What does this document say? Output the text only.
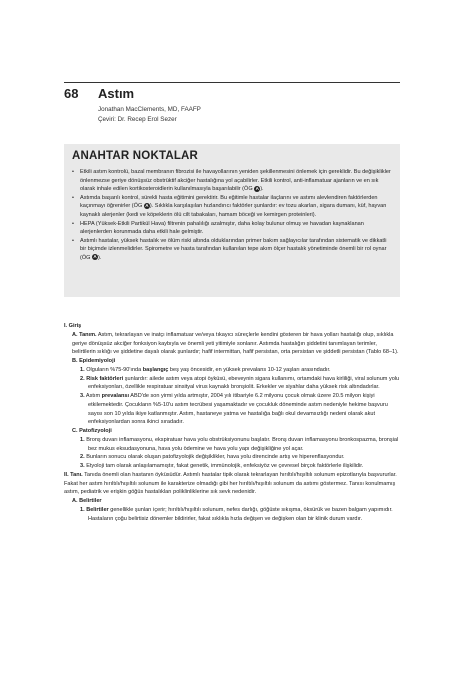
68 Astım
Jonathan MacClements, MD, FAAFP
Çeviri: Dr. Recep Erol Sezer
ANAHTAR NOKTALAR
• Etkili astım kontrolü, bazal membranın fibrozisi ile havayollarının yeniden şekillenmesini önlemek için gereklidir. Bu değişiklikler önlenmezse geriye dönüşsüz obstrüktif akciğer hastalığına yol açabilirler. Etkili kontrol, anti-inflamatuar ajanların ve en sık olarak inhale edilen kortikosteroidlerin kullanılmasıyla başarılabilir (ÖG A).
• Astımda başarılı kontrol, sürekli hasta eğitimini gerektirir. Bu eğitimle hastalar ilaçlarını ve astımı alevlendiren faktörlerden kaçınmayı öğrenirler (ÖG A). Sıklıkla karşılaşılan hızlandırıcı faktörler şunlardır: ev tozu akarları, sigara dumanı, küf, hayvan kaynaklı alerjenler (kedi ve köpeklerin ölü cilt tabakaları, hamam böceği ve kemirgen proteinleri).
• HEPA (Yüksek-Etkili Partikül Hava) filtrenin pahalılığı azalmıştır, daha kolay bulunur olmuş ve havadan kaynaklanan alerjenlerden korunmada daha etkili hale gelmiştir.
• Astımlı hastalar, yüksek hastalık ve ölüm riski altında olduklarından primer bakım sağlayıcılar tarafından sistematik ve dikkatli bir biçimde izlenmelidirler. Spirometre ve hasta tarafından kullanılan tepe akım ölçer hastalık yönetiminde önemli bir rol oynar (ÖG A).

I. Giriş

A. Tanım. Astım, tekrarlayan ve inatçı inflamatuar ve/veya tıkayıcı süreçlerle kendini gösteren bir hava yolları hastalığı olup, sıklıkla geriye dönüşsüz akciğer fonksiyon kaybıyla ve önemli yeti yitimiyle sonlanır. Astımda hastalığın şiddetini tanımlayan terimler, belirtilerin sıklığı ve şiddetine dayalı olarak şunlardır; hafif intermittan, hafif persistan, orta persistan ve şiddetli persistan (Tablo 68–1).

B. Epidemiyoloji

1. Olguların %75-90'ında başlangıç beş yaş öncesidir, en yüksek prevalans 10-12 yaşları arasındadır.

2. Risk faktörleri şunlardır: ailede astım veya atopi öyküsü, ebeveynin sigara kullanımı, ortamdaki hava kirliliği, viral solunum yolu enfeksiyonları, özellikle respiratuar sinsityal virus kaynaklı bronşiolit. Erkekler ve siyahlar daha yüksek risk altındadırlar.

3. Astım prevalansı ABD'de son yirmi yılda artmıştır, 2004 yılı itibariyle 6.2 milyonu çocuk olmak üzere 20.5 milyon kişiyi etkilemektedir. Çocukların %5-10'u astım tecrübesi yaşamaktadır ve çocukluk döneminde astım nedeniyle hekime başvuru sayısı son 10 yılda ikiye katlanmıştır. Astım, hastaneye yatma ve hastalığa bağlı okul devamsızlığı nedeni olarak akut enfeksiyonlardan sonra ikinci sıradadır.

C. Patofizyoloji

1. Bronş duvarı inflamasyonu, ekspiratuar hava yolu obstrüksiyonunu başlatır. Bronş duvarı inflamasyonu bronkospazma, bronşial bez mukus eksudasyonuna, hava yolu ödemine ve hava yolu yapı değişikliğine yol açar.

2. Bunların sonucu olarak oluşan patofizyolojik değişiklikler, hava yolu direncinde artış ve hiperenflasyondur.

3. Etyoloji tam olarak anlaşılamamıştır, fakat genetik, immünolojik, enfeksiyöz ve çevresel birçok faktörlerle ilişkilidir.

II. Tanı. Tanıda önemli olan hastanın öyküsüdür. Astımlı hastalar tipik olarak tekrarlayan hırıltılı/hışıltılı solunum epizotlarıyla başvururlar. Fakat her astım hırıltılı/hışıltılı solunum ile karakterize olmadığı gibi her hırıltılı/hışıltılı solunum da astımı göstermez. Tanısı konulmamış astım, pediatrik ve erişkin göğüs hastalıkları poliklinliklerine sık sevk nedenidir.

A. Belirtiler

1. Belirtiler genellikle şunları içerir; hırıltılı/hışıltılı solunum, nefes darlığı, göğüste sıkışma, öksürük ve bazen balgam yapımıdır. Hastaların çoğu belirtisiz dönemler bildirirler, fakat sıklıkla hızla değişen ve değişken olan bir klinik durum vardır.
